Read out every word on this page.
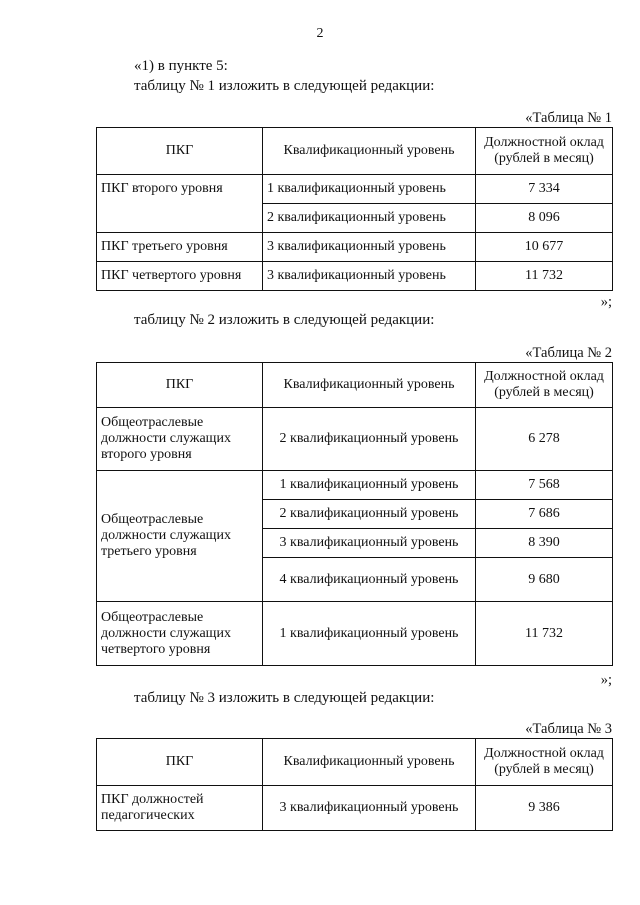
2
«1) в пункте 5:
таблицу № 1 изложить в следующей редакции:
«Таблица № 1
ПКГ	Квалификационный уровень	Должностной оклад (рублей в месяц)
ПКГ второго уровня	1 квалификационный уровень	7 334
	2 квалификационный уровень	8 096
ПКГ третьего уровня	3 квалификационный уровень	10 677
ПКГ четвертого уровня	3 квалификационный уровень	11 732
»;
таблицу № 2 изложить в следующей редакции:
«Таблица № 2
ПКГ	Квалификационный уровень	Должностной оклад (рублей в месяц)
Общеотраслевые должности служащих второго уровня	2 квалификационный уровень	6 278
Общеотраслевые должности служащих третьего уровня	1 квалификационный уровень	7 568
	2 квалификационный уровень	7 686
	3 квалификационный уровень	8 390
	4 квалификационный уровень	9 680
Общеотраслевые должности служащих четвертого уровня	1 квалификационный уровень	11 732
»;
таблицу № 3 изложить в следующей редакции:
«Таблица № 3
ПКГ	Квалификационный уровень	Должностной оклад (рублей в месяц)
ПКГ должностей педагогических	3 квалификационный уровень	9 386
